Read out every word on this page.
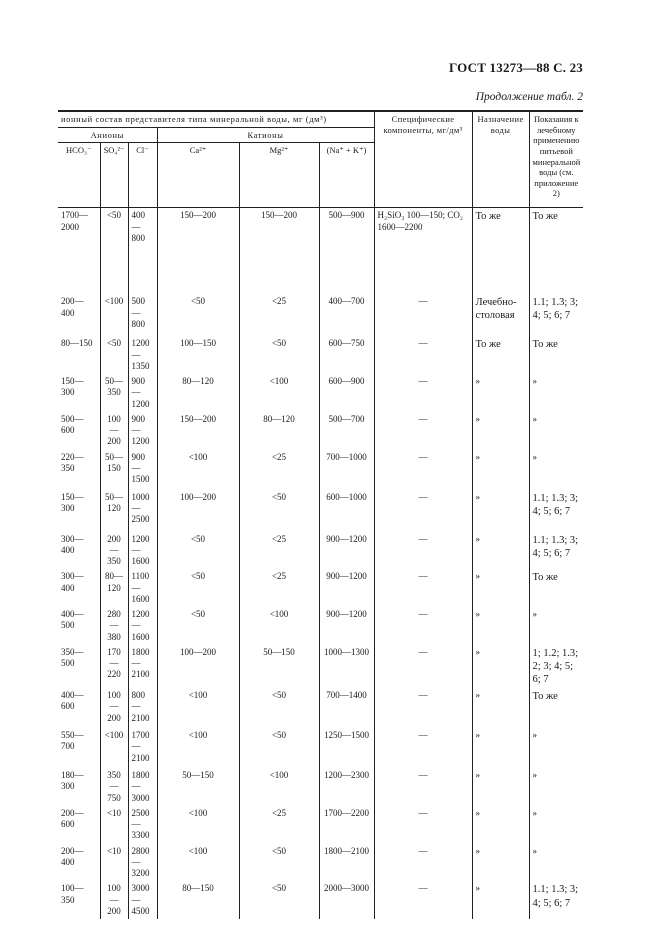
ГОСТ 13273—88 С. 23
Продолжение табл. 2
ионный состав представителя типа минеральной воды, мг (дм³)						Специфические компоненты, мг/дм³	Назначение воды	Показания к лечебному применению питьевой минеральной воды (см. приложение 2)
Анионы			Катионы					
HCO₃⁻	SO₄²⁻	Cl⁻	Ca²⁺	Mg²⁺	(Na⁺ + K⁺)			
1700—2000	<50	400—800	150—200	150—200	500—900	H₂SiO₃ 100—150; CO₂ 1600—2200	То же	То же
200—400	<100	500—800	<50	<25	400—700	—	Лечебно-столовая	1.1; 1.3; 3; 4; 5; 6; 7
80—150	<50	1200—1350	100—150	<50	600—750	—	То же	То же
150—300	50—350	900—1200	80—120	<100	600—900	—	»	»
500—600	100—200	900—1200	150—200	80—120	500—700	—	»	»
220—350	50—150	900—1500	<100	<25	700—1000	—	»	»
150—300	50—120	1000—2500	100—200	<50	600—1000	—	»	1.1; 1.3; 3; 4; 5; 6; 7
300—400	200—350	1200—1600	<50	<25	900—1200	—	»	1.1; 1.3; 3; 4; 5; 6; 7
300—400	80—120	1100—1600	<50	<25	900—1200	—	»	То же
400—500	280—380	1200—1600	<50	<100	900—1200	—	»	»
350—500	170—220	1800—2100	100—200	50—150	1000—1300	—	»	1; 1.2; 1.3; 2; 3; 4; 5; 6; 7
400—600	100—200	800—2100	<100	<50	700—1400	—	»	То же
550—700	<100	1700—2100	<100	<50	1250—1500	—	»	»
180—300	350—750	1800—3000	50—150	<100	1200—2300	—	»	»
200—600	<10	2500—3300	<100	<25	1700—2200	—	»	»
200—400	<10	2800—3200	<100	<50	1800—2100	—	»	»
100—350	100—200	3000—4500	80—150	<50	2000—3000	—	»	1.1; 1.3; 3; 4; 5; 6; 7
